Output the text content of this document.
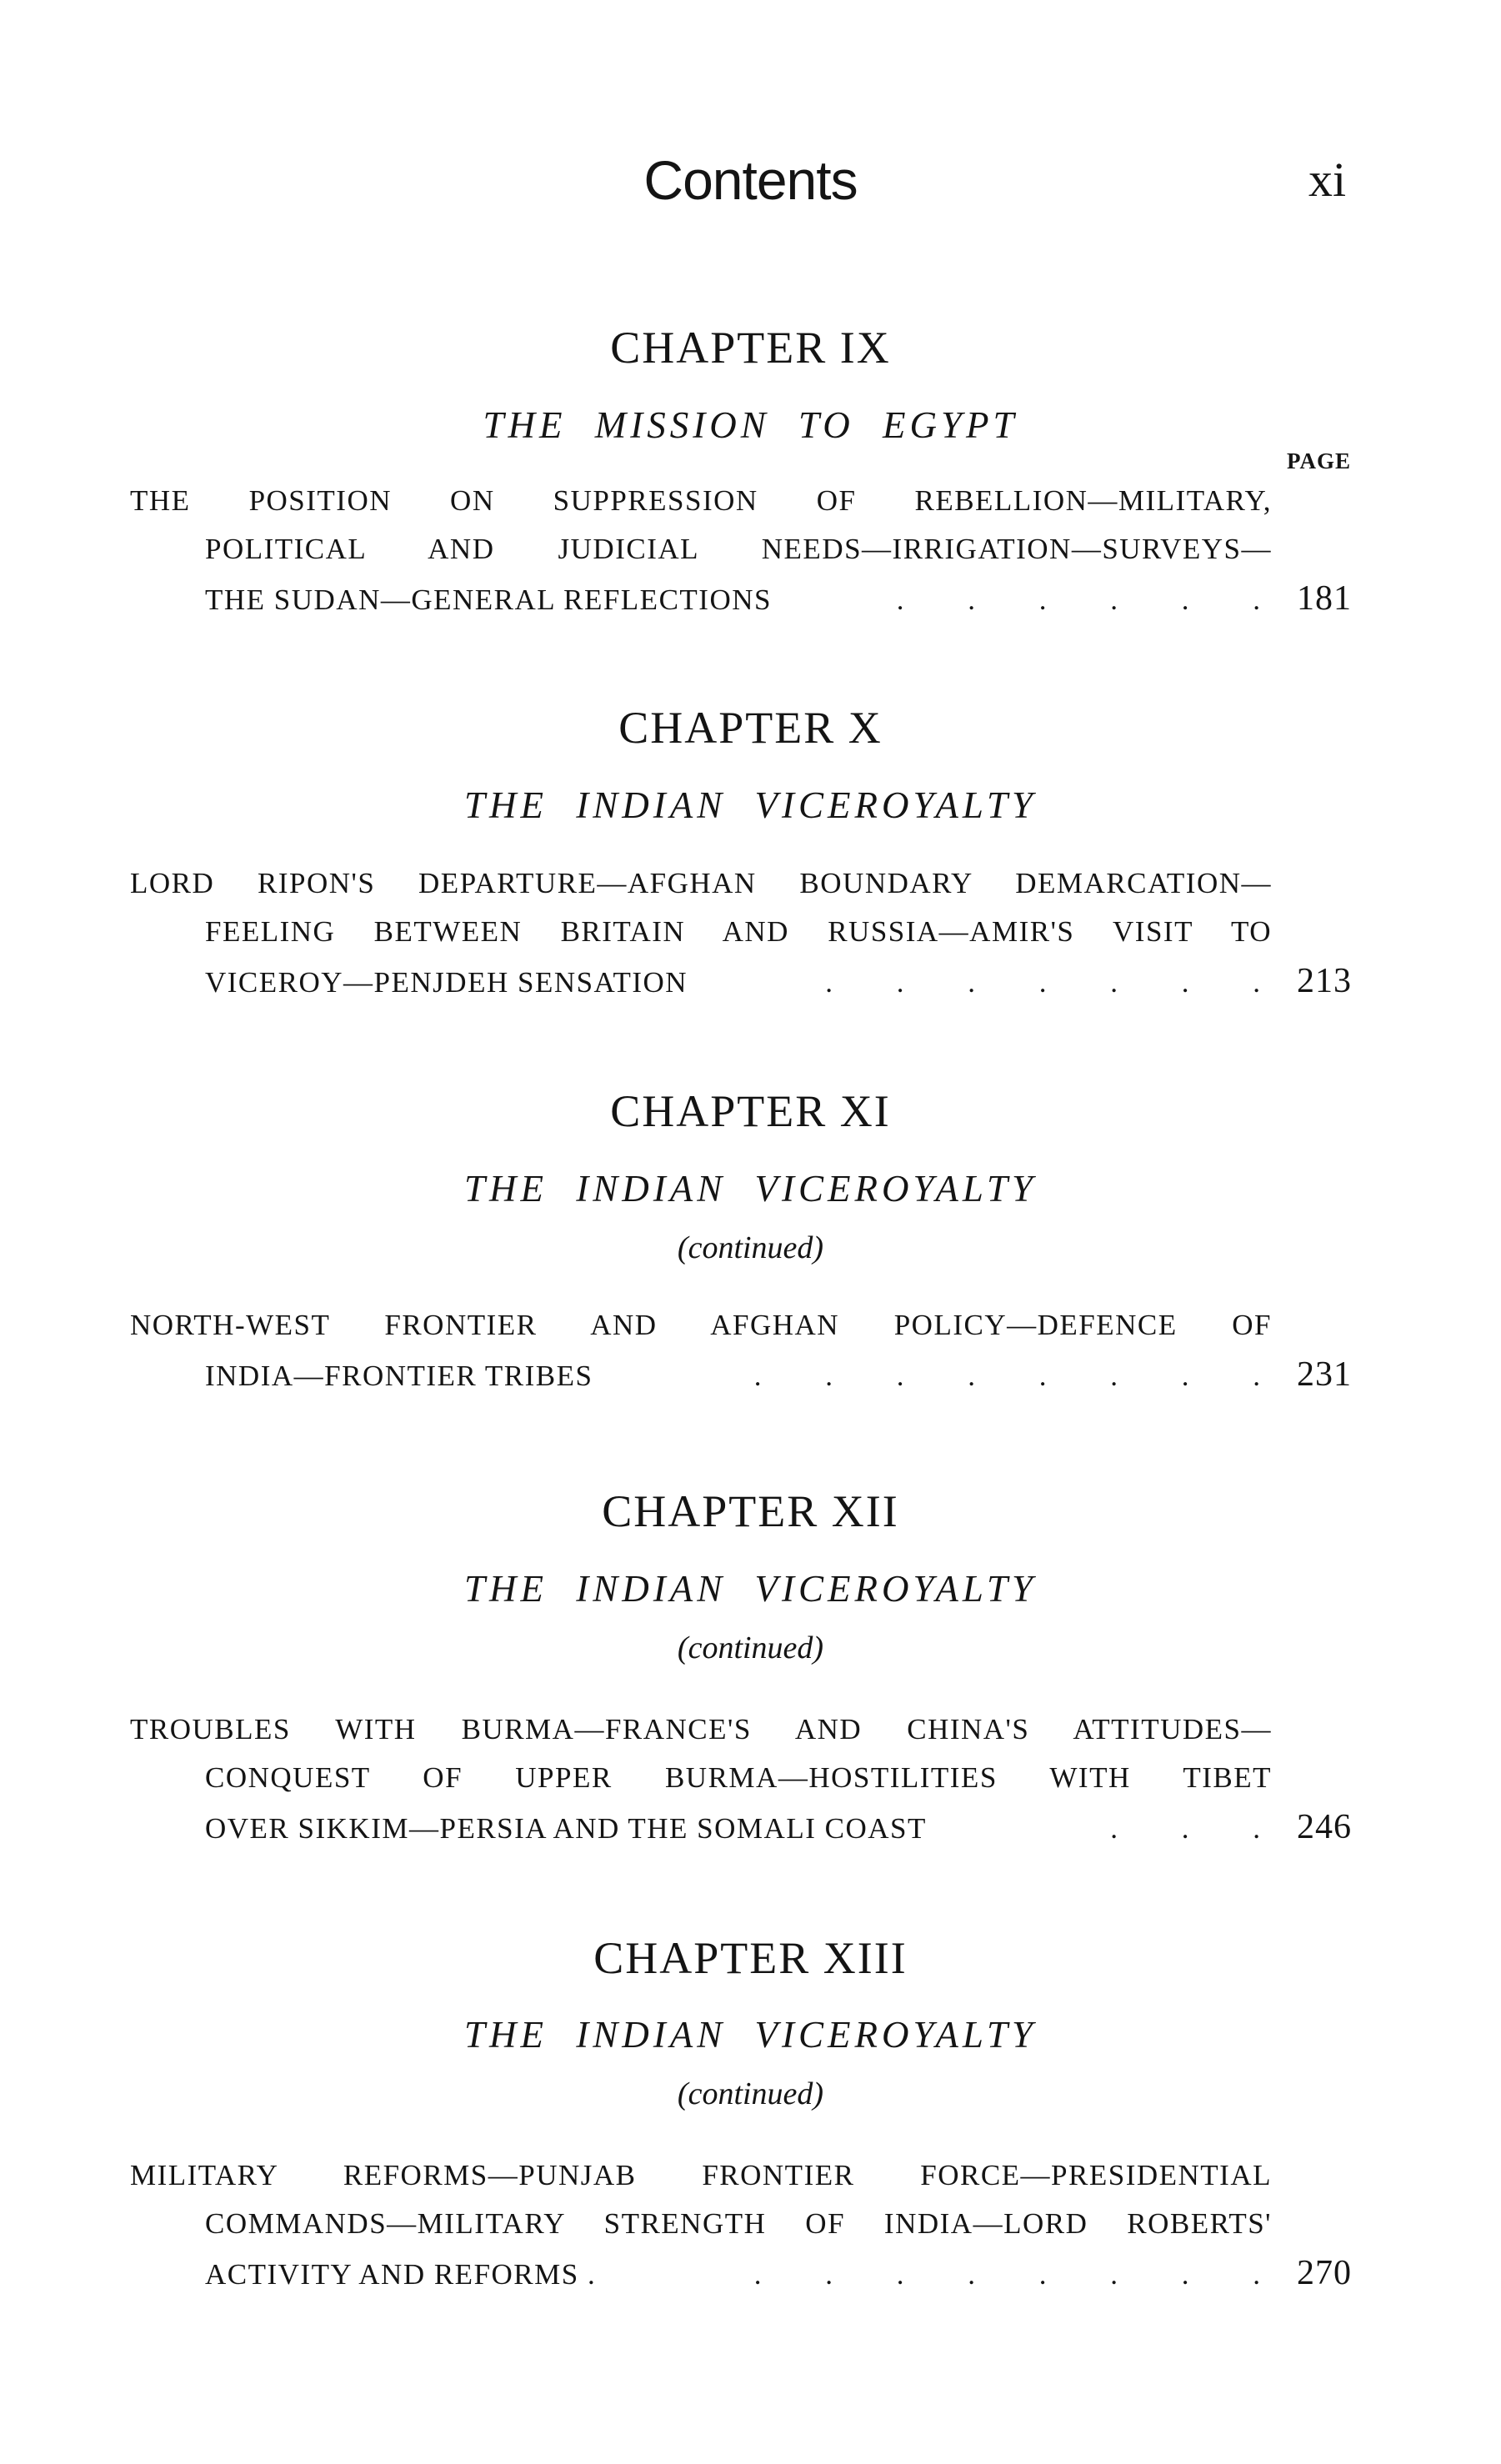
Contents	xi
PAGE
CHAPTER IX
THE MISSION TO EGYPT
THE POSITION ON SUPPRESSION OF REBELLION—MILITARY,
POLITICAL AND JUDICIAL NEEDS—IRRIGATION—SURVEYS—
THE SUDAN—GENERAL REFLECTIONS	. . . . . . 181
CHAPTER X
THE INDIAN VICEROYALTY
LORD RIPON'S DEPARTURE—AFGHAN BOUNDARY DEMARCATION—
FEELING BETWEEN BRITAIN AND RUSSIA—AMIR'S VISIT TO
VICEROY—PENJDEH SENSATION	. . . . . . . 213
CHAPTER XI
THE INDIAN VICEROYALTY
(continued)
NORTH-WEST FRONTIER AND AFGHAN POLICY—DEFENCE OF
INDIA—FRONTIER TRIBES	. . . . . . . . 231
CHAPTER XII
THE INDIAN VICEROYALTY
(continued)
TROUBLES WITH BURMA—FRANCE'S AND CHINA'S ATTITUDES—
CONQUEST OF UPPER BURMA—HOSTILITIES WITH TIBET
OVER SIKKIM—PERSIA AND THE SOMALI COAST	. . . 246
CHAPTER XIII
THE INDIAN VICEROYALTY
(continued)
MILITARY REFORMS—PUNJAB FRONTIER FORCE—PRESIDENTIAL
COMMANDS—MILITARY STRENGTH OF INDIA—LORD ROBERTS'
ACTIVITY AND REFORMS .	. . . . . . . . 270
